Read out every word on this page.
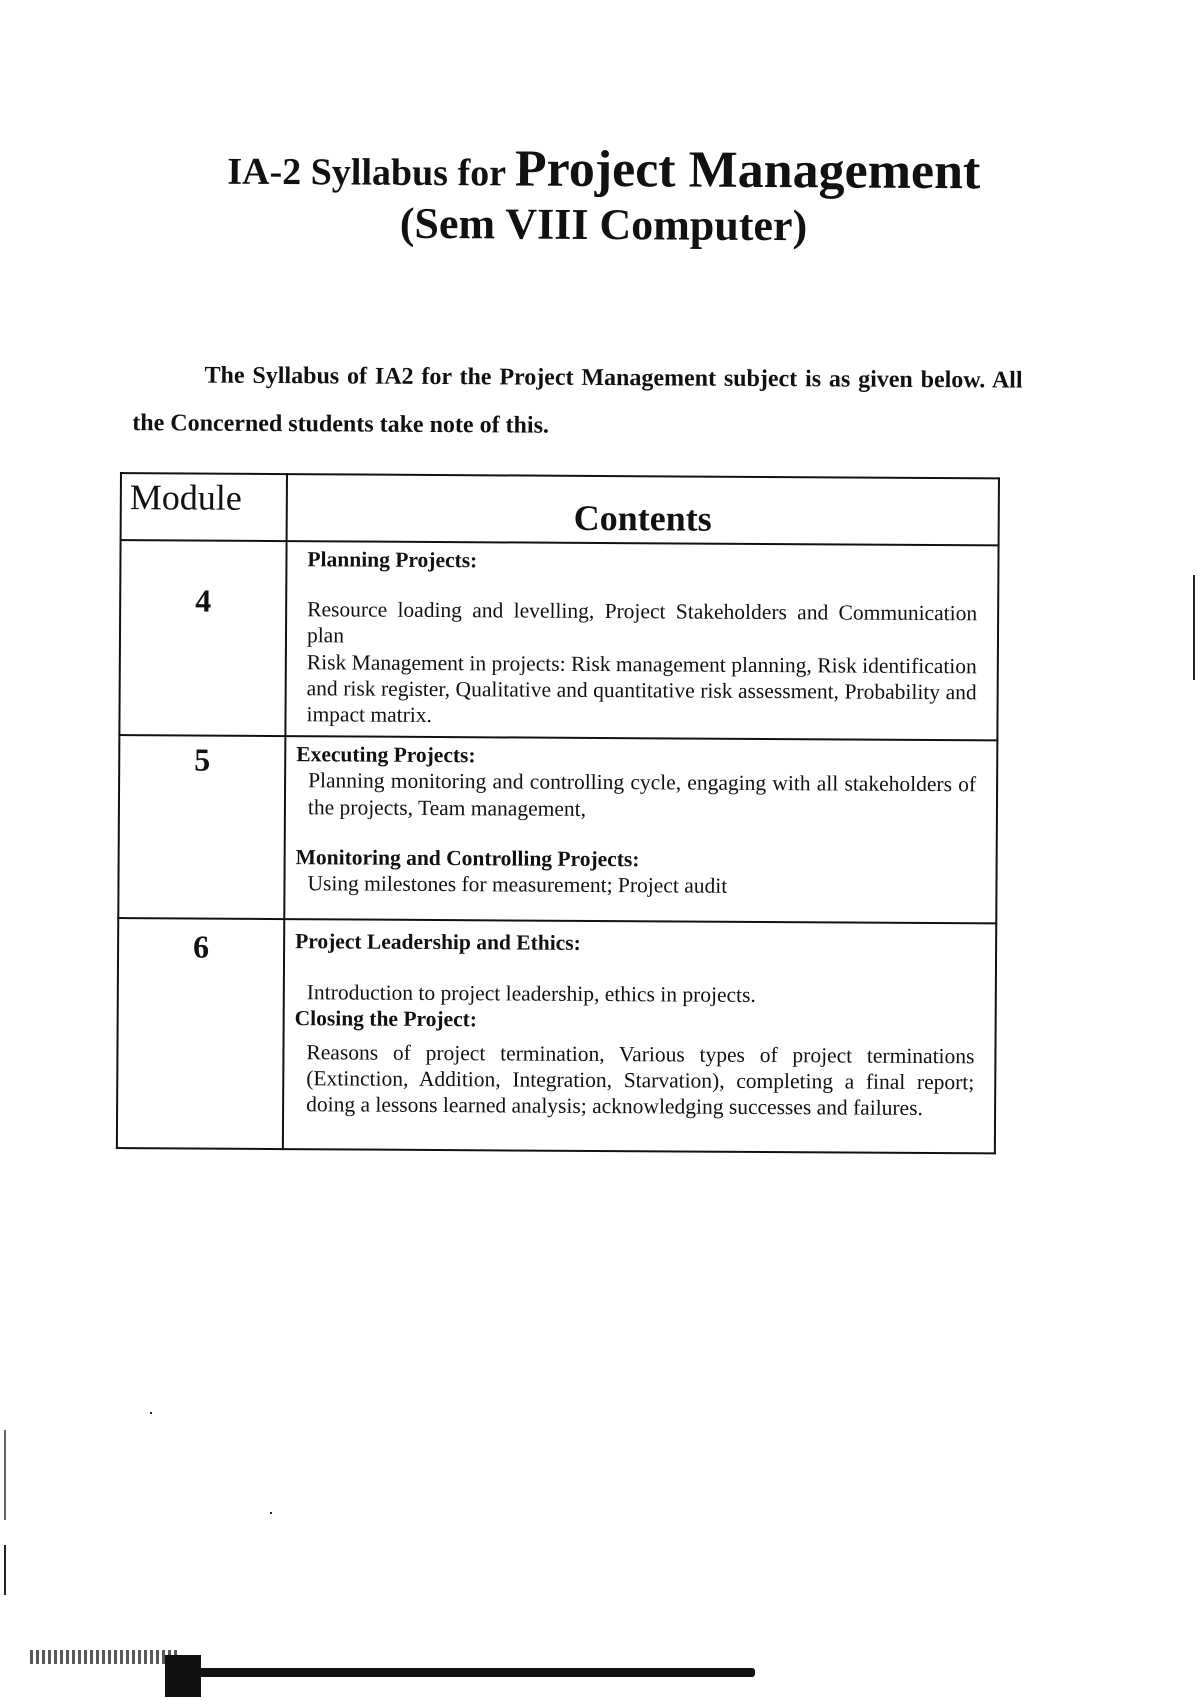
IA-2 Syllabus for Project Management
(Sem VIII Computer)

The Syllabus of IA2 for the Project Management subject is as given below. All the Concerned students take note of this.

Module	Contents
4	Planning Projects:

Resource loading and levelling, Project Stakeholders and Communication plan

Risk Management in projects: Risk management planning, Risk identification and risk register, Qualitative and quantitative risk assessment, Probability and impact matrix.

5	Executing Projects:

Planning monitoring and controlling cycle, engaging with all stakeholders of the projects, Team management,

Monitoring and Controlling Projects:

Using milestones for measurement; Project audit

6	Project Leadership and Ethics:

Introduction to project leadership, ethics in projects.

Closing the Project:

Reasons of project termination, Various types of project terminations (Extinction, Addition, Integration, Starvation), completing a final report; doing a lessons learned analysis; acknowledging successes and failures.
